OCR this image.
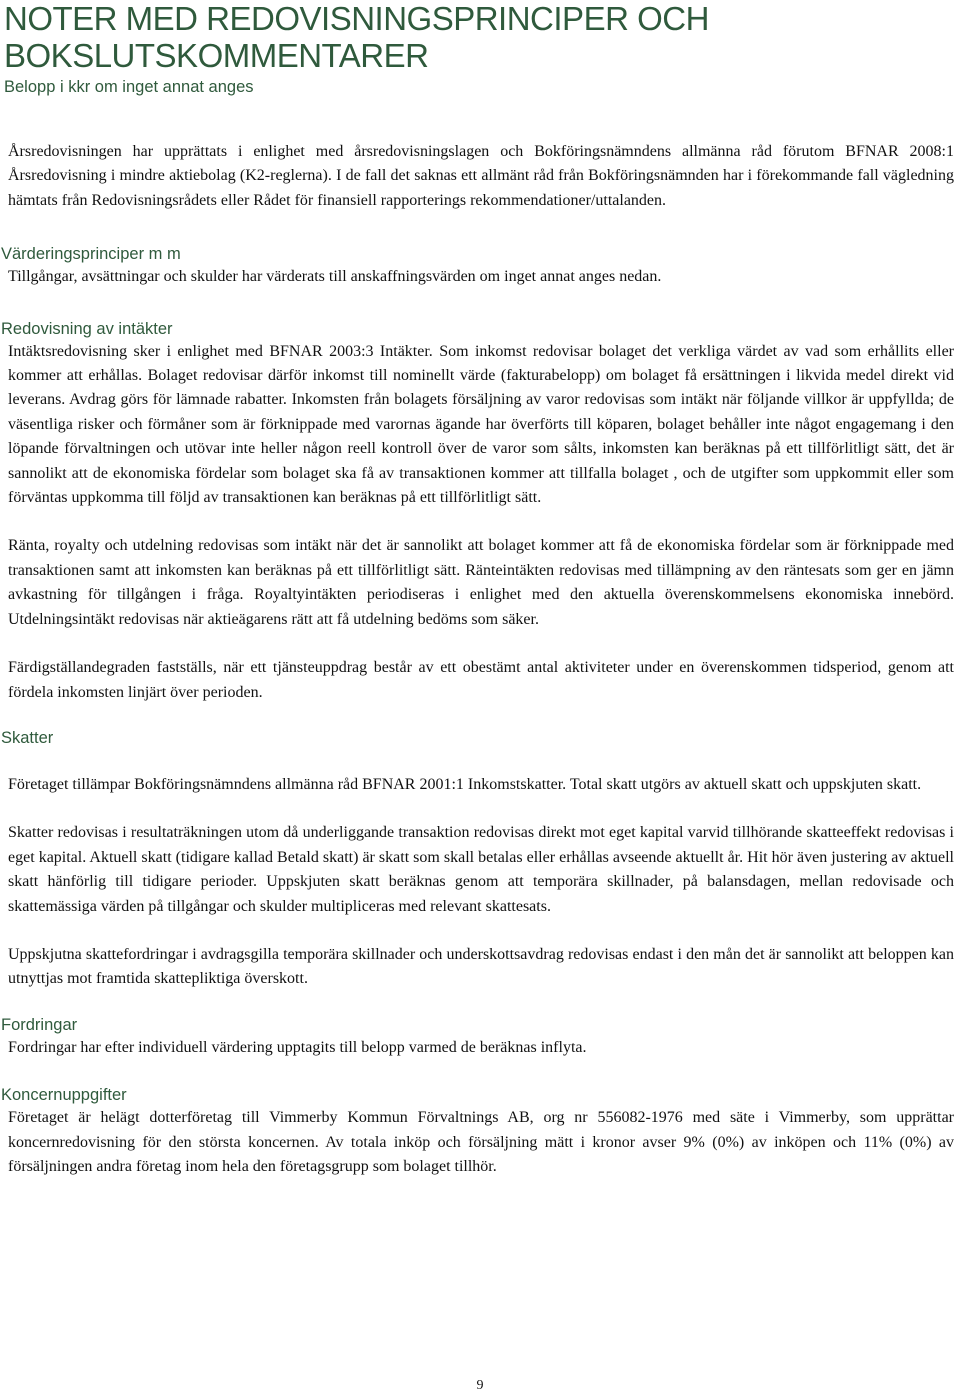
NOTER MED REDOVISNINGSPRINCIPER OCH
BOKSLUTSKOMMENTARER
Belopp i kkr om inget annat anges

Årsredovisningen har upprättats i enlighet med årsredovisningslagen och Bokföringsnämndens allmänna råd förutom BFNAR 2008:1 Årsredovisning i mindre aktiebolag (K2-reglerna). I de fall det saknas ett allmänt råd från Bokföringsnämnden har i förekommande fall vägledning hämtats från Redovisningsrådets eller Rådet för finansiell rapporterings rekommendationer/uttalanden.

Värderingsprinciper m m

Tillgångar, avsättningar och skulder har värderats till anskaffningsvärden om inget annat anges nedan.

Redovisning av intäkter

Intäktsredovisning sker i enlighet med BFNAR 2003:3 Intäkter. Som inkomst redovisar bolaget det verkliga värdet av vad som erhållits eller kommer att erhållas. Bolaget redovisar därför inkomst till nominellt värde (fakturabelopp) om bolaget få ersättningen i likvida medel direkt vid leverans. Avdrag görs för lämnade rabatter. Inkomsten från bolagets försäljning av varor redovisas som intäkt när följande villkor är uppfyllda; de väsentliga risker och förmåner som är förknippade med varornas ägande har överförts till köparen, bolaget behåller inte något engagemang i den löpande förvaltningen och utövar inte heller någon reell kontroll över de varor som sålts, inkomsten kan beräknas på ett tillförlitligt sätt, det är sannolikt att de ekonomiska fördelar som bolaget ska få av transaktionen kommer att tillfalla bolaget , och de utgifter som uppkommit eller som förväntas uppkomma till följd av transaktionen kan beräknas på ett tillförlitligt sätt.

Ränta, royalty och utdelning redovisas som intäkt när det är sannolikt att bolaget kommer att få de ekonomiska fördelar som är förknippade med transaktionen samt att inkomsten kan beräknas på ett tillförlitligt sätt. Ränteintäkten redovisas med tillämpning av den räntesats som ger en jämn avkastning för tillgången i fråga. Royaltyintäkten periodiseras i enlighet med den aktuella överenskommelsens ekonomiska innebörd. Utdelningsintäkt redovisas när aktieägarens rätt att få utdelning bedöms som säker.

Färdigställandegraden fastställs, när ett tjänsteuppdrag består av ett obestämt antal aktiviteter under en överenskommen tidsperiod, genom att fördela inkomsten linjärt över perioden.

Skatter

Företaget tillämpar Bokföringsnämndens allmänna råd BFNAR 2001:1 Inkomstskatter. Total skatt utgörs av aktuell skatt och uppskjuten skatt.

Skatter redovisas i resultaträkningen utom då underliggande transaktion redovisas direkt mot eget kapital varvid tillhörande skatteeffekt redovisas i eget kapital. Aktuell skatt (tidigare kallad Betald skatt) är skatt som skall betalas eller erhållas avseende aktuellt år. Hit hör även justering av aktuell skatt hänförlig till tidigare perioder. Uppskjuten skatt beräknas genom att temporära skillnader, på balansdagen, mellan redovisade och skattemässiga värden på tillgångar och skulder multipliceras med relevant skattesats.

Uppskjutna skattefordringar i avdragsgilla temporära skillnader och underskottsavdrag redovisas endast i den mån det är sannolikt att beloppen kan utnyttjas mot framtida skattepliktiga överskott.

Fordringar

Fordringar har efter individuell värdering upptagits till belopp varmed de beräknas inflyta.

Koncernuppgifter

Företaget är helägt dotterföretag till Vimmerby Kommun Förvaltnings AB, org nr 556082-1976 med säte i Vimmerby, som upprättar koncernredovisning för den största koncernen. Av totala inköp och försäljning mätt i kronor avser 9% (0%) av inköpen och 11% (0%) av försäljningen andra företag inom hela den företagsgrupp som bolaget tillhör.

9
